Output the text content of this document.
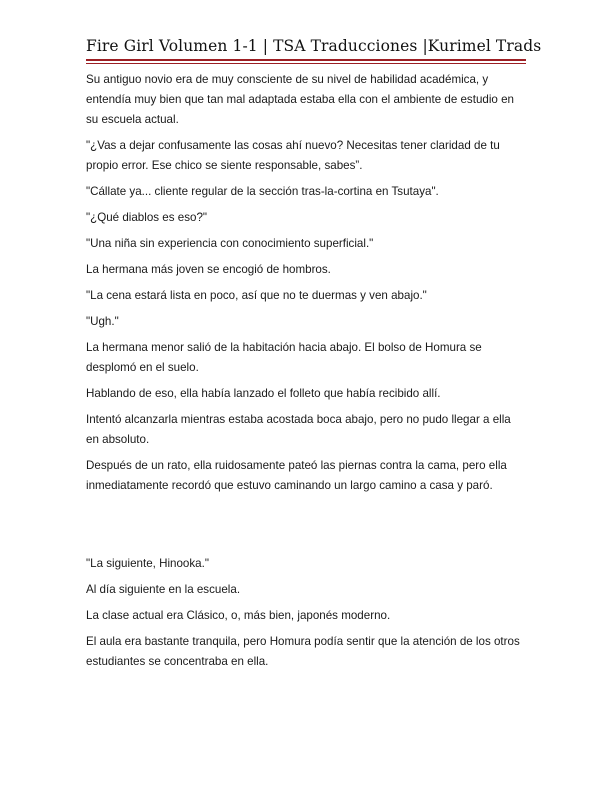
Fire Girl Volumen 1-1 | TSA Traducciones |Kurimel Trads

Su antiguo novio era de muy consciente de su nivel de habilidad académica, y entendía muy bien que tan mal adaptada estaba ella con el ambiente de estudio en su escuela actual.

"¿Vas a dejar confusamente las cosas ahí nuevo? Necesitas tener claridad de tu propio error. Ese chico se siente responsable, sabes”.

"Cállate ya... cliente regular de la sección tras-la-cortina en Tsutaya".

"¿Qué diablos es eso?"

"Una niña sin experiencia con conocimiento superficial."

La hermana más joven se encogió de hombros.

"La cena estará lista en poco, así que no te duermas y ven abajo."

"Ugh."

La hermana menor salió de la habitación hacia abajo. El bolso de Homura se desplomó en el suelo.

Hablando de eso, ella había lanzado el folleto que había recibido allí.

Intentó alcanzarla mientras estaba acostada boca abajo, pero no pudo llegar a ella en absoluto.

Después de un rato, ella ruidosamente pateó las piernas contra la cama, pero ella inmediatamente recordó que estuvo caminando un largo camino a casa y paró.

"La siguiente, Hinooka."

Al día siguiente en la escuela.

La clase actual era Clásico, o, más bien, japonés moderno.

El aula era bastante tranquila, pero Homura podía sentir que la atención de los otros estudiantes se concentraba en ella.
